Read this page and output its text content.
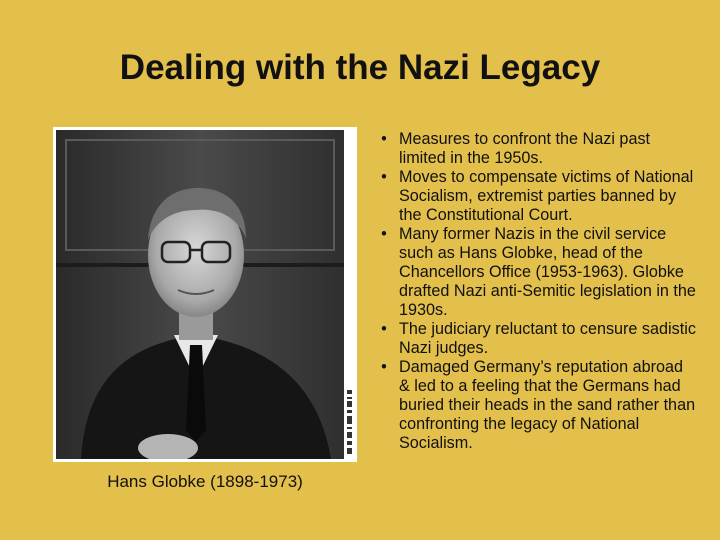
Dealing with the Nazi Legacy
Hans Globke (1898-1973)
• Measures to confront the Nazi past limited in the 1950s.
• Moves to compensate victims of National Socialism, extremist parties banned by the Constitutional Court.
• Many former Nazis in the civil service such as Hans Globke, head of the Chancellors Office (1953-1963). Globke drafted Nazi anti-Semitic legislation in the 1930s.
• The judiciary reluctant to censure sadistic Nazi judges.
• Damaged Germany’s reputation abroad & led to a feeling that the Germans had buried their heads in the sand rather than confronting the legacy of National Socialism.
